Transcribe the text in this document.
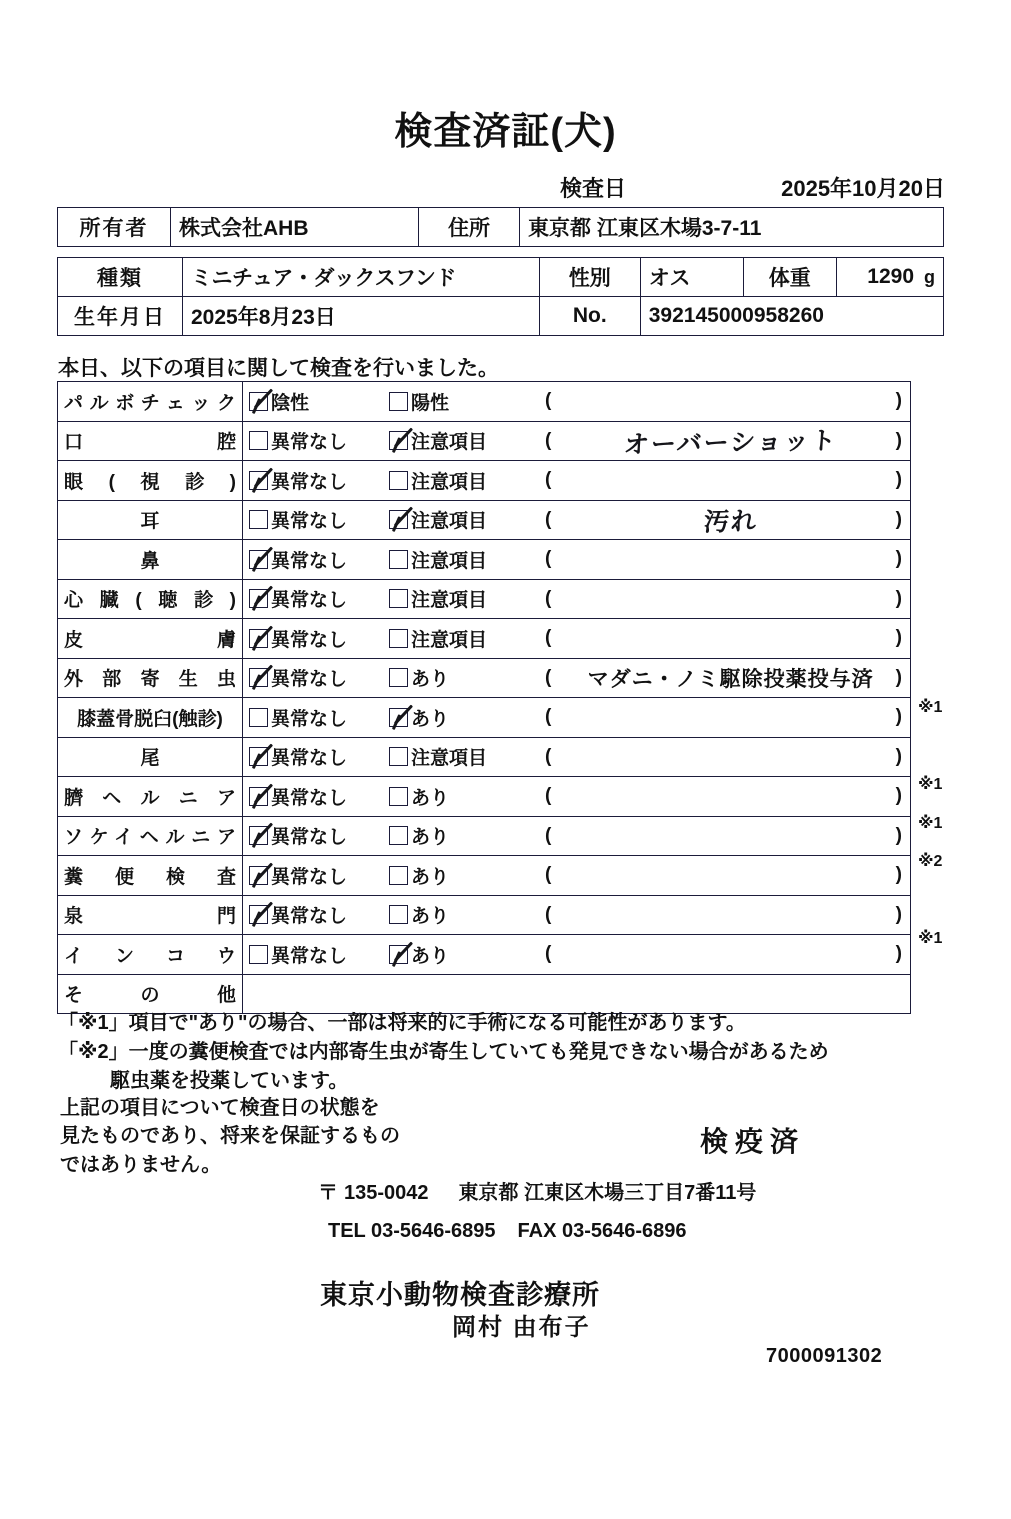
検査済証(犬)
検査日	2025年10月20日
所有者	株式会社AHB	住所	東京都 江東区木場3-7-11
種類	ミニチュア・ダックスフンド	性別	オス	体重	1290 g
生年月日	2025年8月23日	No.	392145000958260		
本日、以下の項目に関して検査を行いました。
パルボチェック	陰性 陽性 ( )

口腔	異常なし 注意項目 ( オーバーショット )

眼(視診)	異常なし 注意項目 ( )

耳	異常なし 注意項目 ( 汚れ )

鼻	異常なし 注意項目 ( )

心臓(聴診)	異常なし 注意項目 ( )

皮膚	異常なし 注意項目 ( )

外部寄生虫	異常なし あり ( マダニ・ノミ駆除投薬投与済 )

膝蓋骨脱臼(触診)	異常なし あり ( )

尾	異常なし 注意項目 ( )

臍ヘルニア	異常なし あり ( )

ソケイヘルニア	異常なし あり ( )

糞便検査	異常なし あり ( )

泉門	異常なし あり ( )

インコウ	異常なし あり ( )

その他	
※1
※1
※1
※2
※1
「※1」項目で"あり"の場合、一部は将来的に手術になる可能性があります。
「※2」一度の糞便検査では内部寄生虫が寄生していても発見できない場合があるため
駆虫薬を投薬しています。
上記の項目について検査日の状態を
見たものであり、将来を保証するもの
ではありません。
検疫済
〒 135-0042 東京都 江東区木場三丁目7番11号
TEL 03-5646-6895 FAX 03-5646-6896
東京小動物検査診療所
岡村 由布子
7000091302
